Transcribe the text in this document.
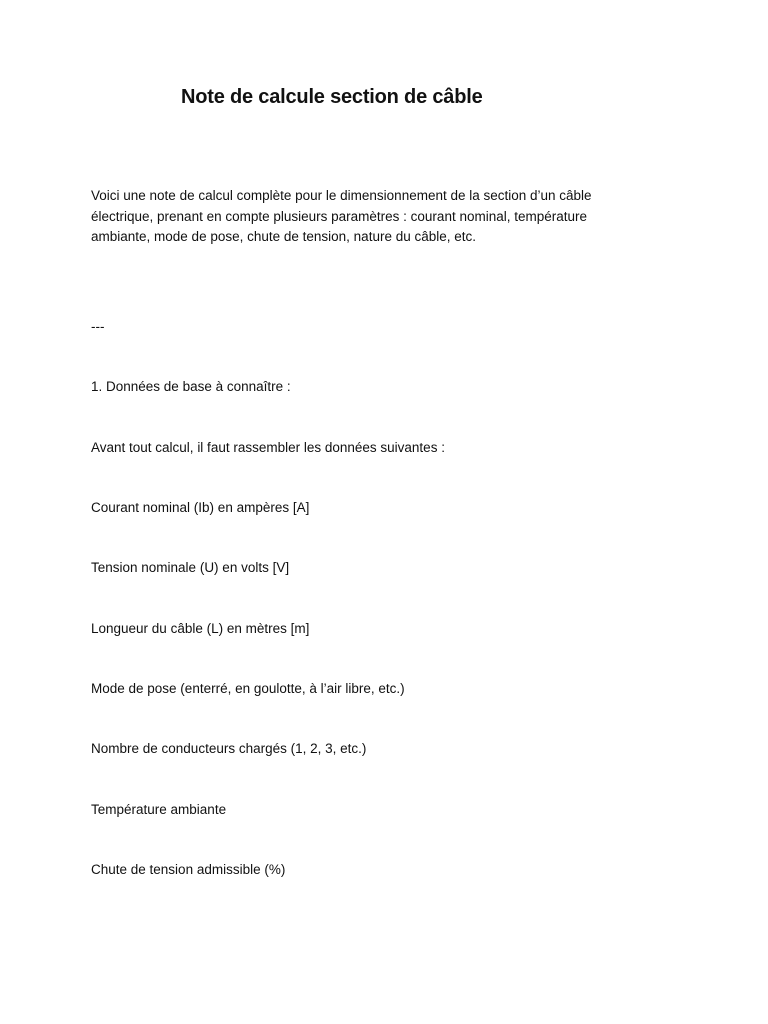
Note de calcule section de câble

Voici une note de calcul complète pour le dimensionnement de la section d’un câble électrique, prenant en compte plusieurs paramètres : courant nominal, température ambiante, mode de pose, chute de tension, nature du câble, etc.

---

1. Données de base à connaître :

Avant tout calcul, il faut rassembler les données suivantes :

Courant nominal (Ib) en ampères [A]

Tension nominale (U) en volts [V]

Longueur du câble (L) en mètres [m]

Mode de pose (enterré, en goulotte, à l’air libre, etc.)

Nombre de conducteurs chargés (1, 2, 3, etc.)

Température ambiante

Chute de tension admissible (%)
